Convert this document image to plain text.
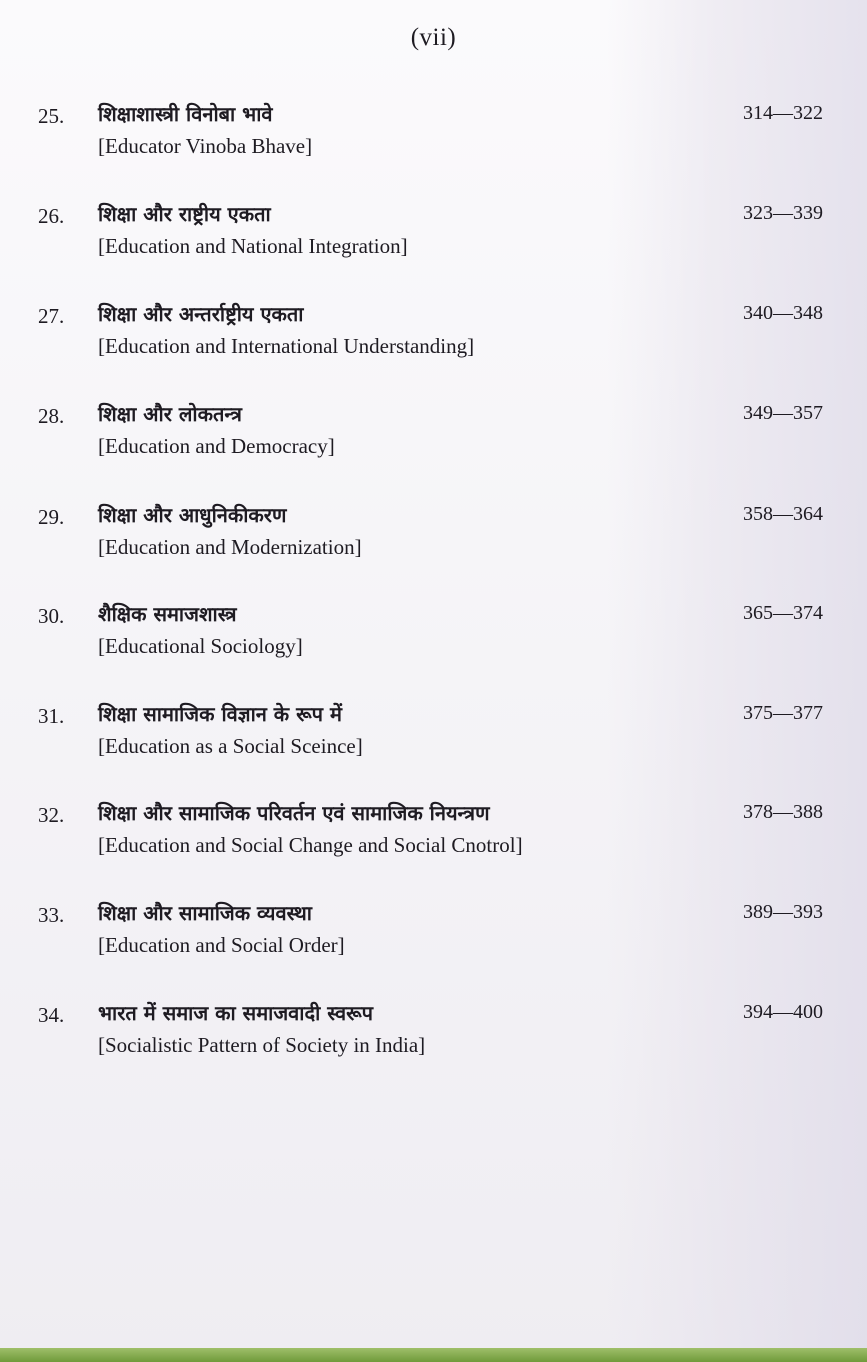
(vii)
25. शिक्षाशास्त्री विनोबा भावे
[Educator Vinoba Bhave]
314—322
26. शिक्षा और राष्ट्रीय एकता
[Education and National Integration]
323—339
27. शिक्षा और अन्तर्राष्ट्रीय एकता
[Education and International Understanding]
340—348
28. शिक्षा और लोकतन्त्र
[Education and Democracy]
349—357
29. शिक्षा और आधुनिकीकरण
[Education and Modernization]
358—364
30. शैक्षिक समाजशास्त्र
[Educational Sociology]
365—374
31. शिक्षा सामाजिक विज्ञान के रूप में
[Education as a Social Sceince]
375—377
32. शिक्षा और सामाजिक परिवर्तन एवं सामाजिक नियन्त्रण
[Education and Social Change and Social Cnotrol]
378—388
33. शिक्षा और सामाजिक व्यवस्था
[Education and Social Order]
389—393
34. भारत में समाज का समाजवादी स्वरूप
[Socialistic Pattern of Society in India]
394—400
